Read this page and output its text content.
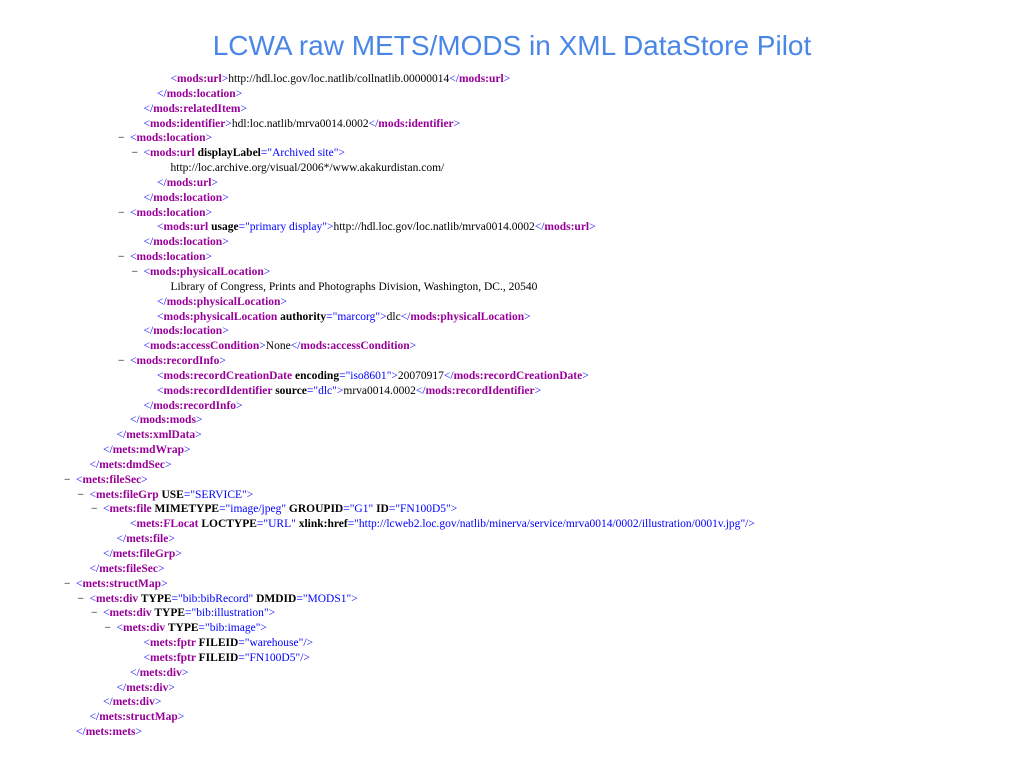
LCWA raw METS/MODS in XML DataStore Pilot
<mods:url>http://hdl.loc.gov/loc.natlib/collnatlib.00000014</mods:url>
</mods:location>
</mods:relatedItem>
<mods:identifier>hdl:loc.natlib/mrva0014.0002</mods:identifier>
− <mods:location>
− <mods:url displayLabel="Archived site">
http://loc.archive.org/visual/2006*/www.akakurdistan.com/
</mods:url>
</mods:location>
− <mods:location>
<mods:url usage="primary display">http://hdl.loc.gov/loc.natlib/mrva0014.0002</mods:url>
</mods:location>
− <mods:location>
− <mods:physicalLocation>
Library of Congress, Prints and Photographs Division, Washington, DC., 20540
</mods:physicalLocation>
<mods:physicalLocation authority="marcorg">dlc</mods:physicalLocation>
</mods:location>
<mods:accessCondition>None</mods:accessCondition>
− <mods:recordInfo>
<mods:recordCreationDate encoding="iso8601">20070917</mods:recordCreationDate>
<mods:recordIdentifier source="dlc">mrva0014.0002</mods:recordIdentifier>
</mods:recordInfo>
</mods:mods>
</mets:xmlData>
</mets:mdWrap>
</mets:dmdSec>
− <mets:fileSec>
− <mets:fileGrp USE="SERVICE">
− <mets:file MIMETYPE="image/jpeg" GROUPID="G1" ID="FN100D5">
<mets:FLocat LOCTYPE="URL" xlink:href="http://lcweb2.loc.gov/natlib/minerva/service/mrva0014/0002/illustration/0001v.jpg"/>
</mets:file>
</mets:fileGrp>
</mets:fileSec>
− <mets:structMap>
− <mets:div TYPE="bib:bibRecord" DMDID="MODS1">
− <mets:div TYPE="bib:illustration">
− <mets:div TYPE="bib:image">
<mets:fptr FILEID="warehouse"/>
<mets:fptr FILEID="FN100D5"/>
</mets:div>
</mets:div>
</mets:div>
</mets:structMap>
</mets:mets>
